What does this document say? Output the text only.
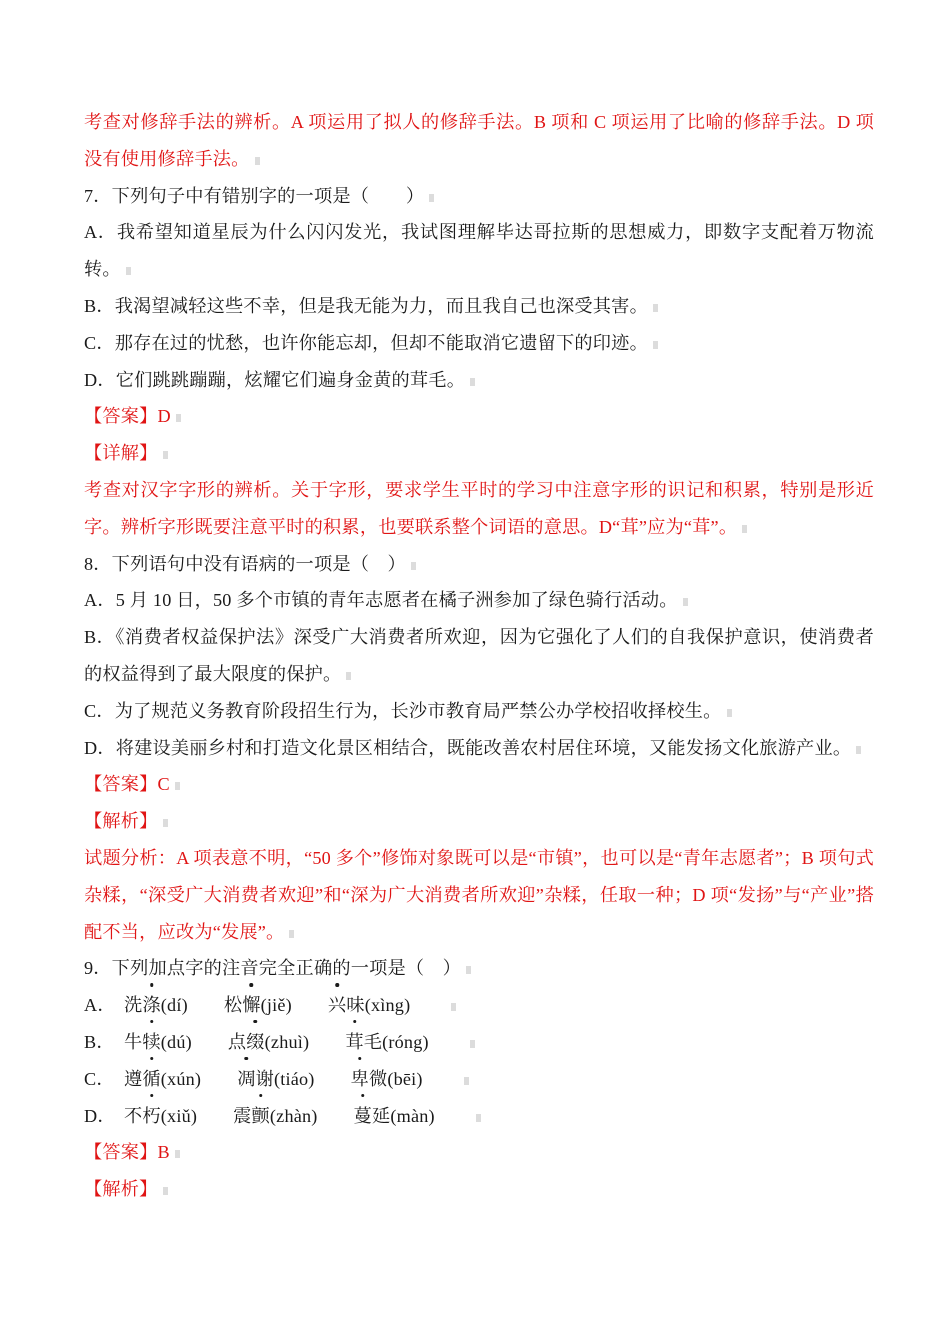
考查对修辞手法的辨析。A 项运用了拟人的修辞手法。B 项和 C 项运用了比喻的修辞手法。D 项没有使用修辞手法。

7．下列句子中有错别字的一项是（　　）

A．我希望知道星辰为什么闪闪发光，我试图理解毕达哥拉斯的思想威力，即数字支配着万物流转。

B．我渴望减轻这些不幸，但是我无能为力，而且我自己也深受其害。

C．那存在过的忧愁，也许你能忘却，但却不能取消它遗留下的印迹。

D．它们跳跳蹦蹦，炫耀它们遍身金黄的茸毛。

【答案】D

【详解】

考查对汉字字形的辨析。关于字形，要求学生平时的学习中注意字形的识记和积累，特别是形近字。辨析字形既要注意平时的积累，也要联系整个词语的意思。D“茸”应为“茸”。

8．下列语句中没有语病的一项是（　）

A．5 月 10 日，50 多个市镇的青年志愿者在橘子洲参加了绿色骑行活动。

B．《消费者权益保护法》深受广大消费者所欢迎，因为它强化了人们的自我保护意识，使消费者的权益得到了最大限度的保护。

C．为了规范义务教育阶段招生行为，长沙市教育局严禁公办学校招收择校生。

D．将建设美丽乡村和打造文化景区相结合，既能改善农村居住环境，又能发扬文化旅游产业。

【答案】C

【解析】

试题分析：A 项表意不明，“50 多个”修饰对象既可以是“市镇”，也可以是“青年志愿者”；B 项句式杂糅，“深受广大消费者欢迎”和“深为广大消费者所欢迎”杂糅，任取一种；D 项“发扬”与“产业”搭配不当，应改为“发展”。

9．下列加点字的注音完全正确的一项是（　）

A． 洗涤(dí) 松懈(jiě) 兴味(xìng)

B． 牛犊(dú) 点缀(zhuì) 茸毛(róng)

C． 遵循(xún) 凋谢(tiáo) 卑微(bēi)

D． 不朽(xiǔ) 震颤(zhàn) 蔓延(màn)

【答案】B

【解析】
